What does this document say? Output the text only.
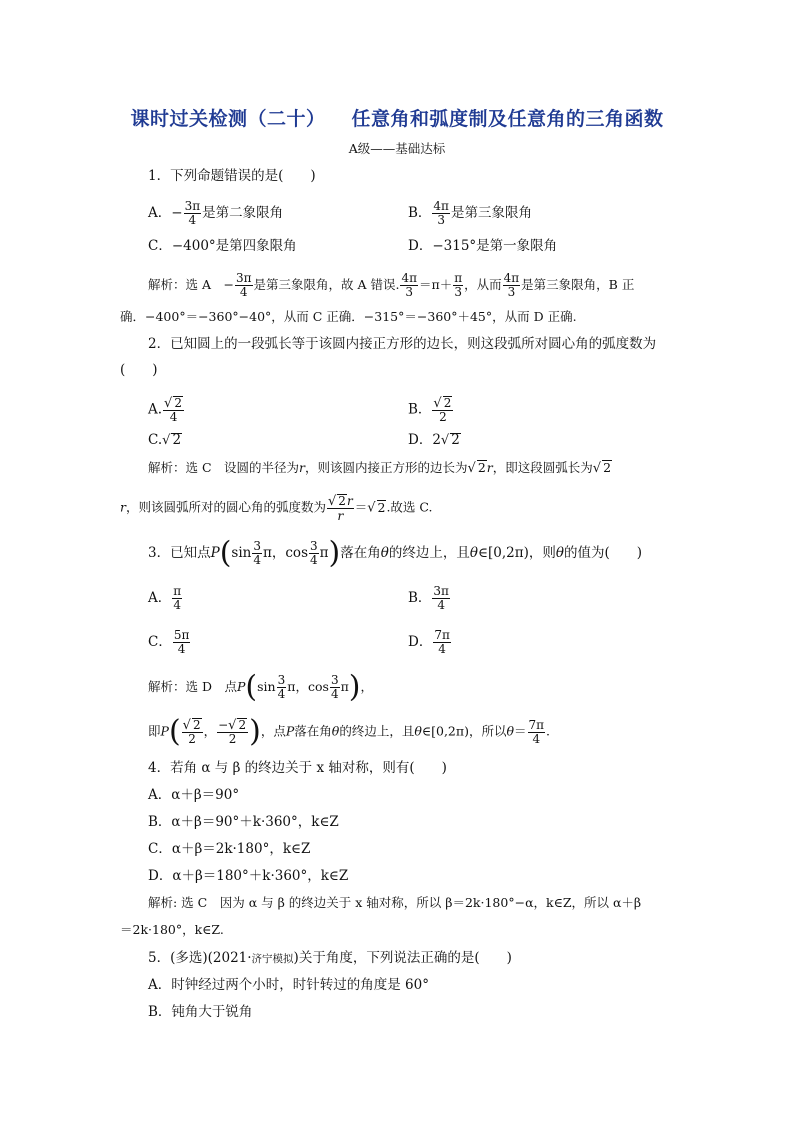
课时过关检测（二十） 任意角和弧度制及任意角的三角函数
A级——基础达标
1．下列命题错误的是(　　)
A．− $\frac{3\pi}{4}$ 是第二象限角	B． $\frac{4\pi}{3}$ 是第三象限角
C．−400°是第四象限角	D．−315°是第一象限角
解析：选 A　− $\frac{3\pi}{4}$ 是第三象限角，故 A 错误. $\frac{4\pi}{3} =\pi+ \frac{\pi}{3}$ ，从而 $\frac{4\pi}{3}$ 是第三象限角，B 正
确．−400°＝−360°−40°，从而 C 正确．−315°＝−360°＋45°，从而 D 正确.
2．已知圆上的一段弧长等于该圆内接正方形的边长，则这段弧所对圆心角的弧度数为
(　　)
A. $\frac{√ 2}{4}$	B． $\frac{√ 2}{2}$
C.√ 2	D．2√ 2
解析：选 C　设圆的半径为r，则该圆内接正方形的边长为√ 2r，即这段圆弧长为√ 2
r，则该圆弧所对的圆心角的弧度数为 $\frac{√ 2r}{r}=√$ 2.故选 C.
3．已知点$P(\sin \frac{3}{4}$ π，$\cos \frac{3}{4} \pi$)落在角θ的终边上，且θ∈[0,2π)，则θ的值为(　　)
A． $\frac{\pi}{4}$	B． $\frac{3\pi}{4}$
C． $\frac{5\pi}{4}$	D． $\frac{7\pi}{4}$
解析：选 D　点$P(\sin \frac{3}{4}$ π，$\cos \frac{3}{4} \pi$)，
即$P( \frac{√ 2}{2}$ ， $\frac{-√ 2}{2}$ )，点P落在角θ的终边上，且θ∈[0,2π)，所以$\theta= \frac{7\pi}{4}$ .
4．若角 α 与 β 的终边关于 x 轴对称，则有(　　)
A．α＋β＝90°
B．α＋β＝90°＋k·360°，k∈Z
C．α＋β＝2k·180°，k∈Z
D．α＋β＝180°＋k·360°，k∈Z
解析: 选 C　因为 α 与 β 的终边关于 x 轴对称，所以 β＝2k·180°−α，k∈Z，所以 α＋β
＝2k·180°，k∈Z.
5．(多选)(2021·济宁模拟)关于角度，下列说法正确的是(　　)
A．时钟经过两个小时，时针转过的角度是 60°
B．钝角大于锐角
